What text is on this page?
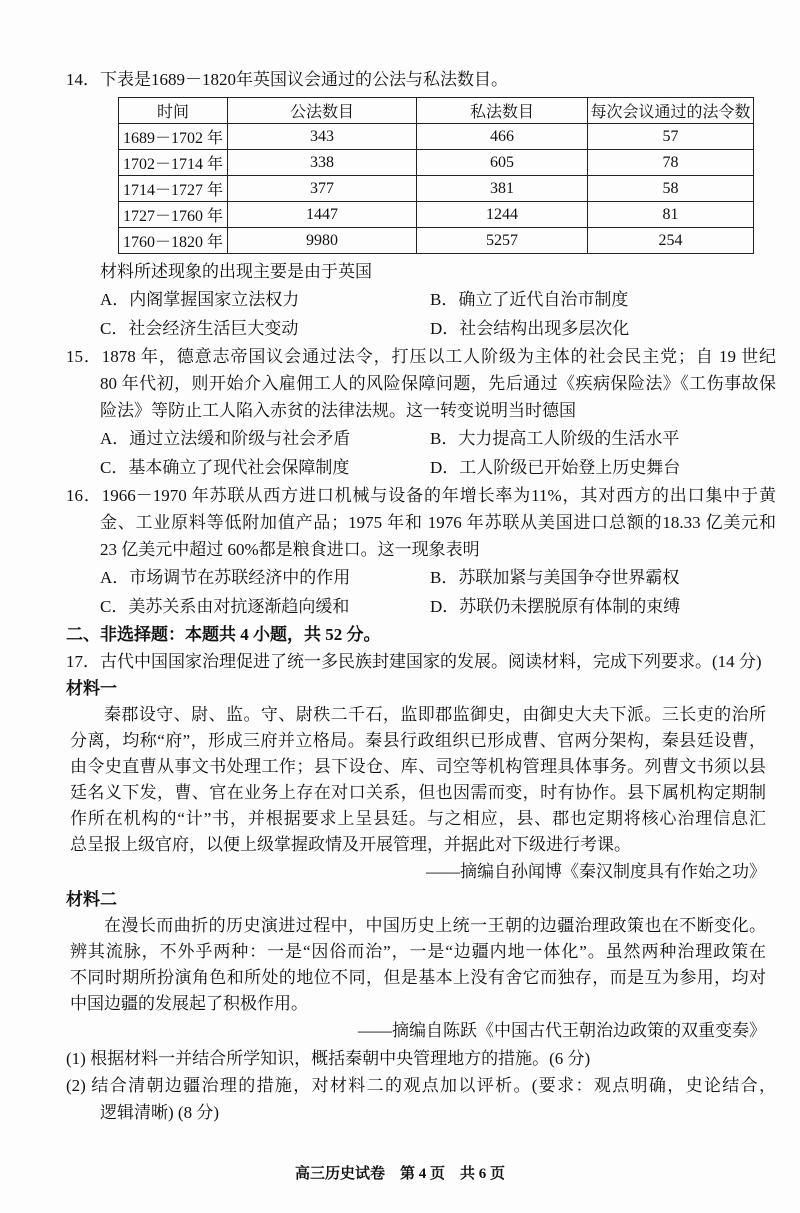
14．下表是1689－1820年英国议会通过的公法与私法数目。
时间	公法数目	私法数目	每次会议通过的法令数
1689－1702 年	343	466	57
1702－1714 年	338	605	78
1714－1727 年	377	381	58
1727－1760 年	1447	1244	81
1760－1820 年	9980	5257	254
材料所述现象的出现主要是由于英国
A．内阁掌握国家立法权力	B．确立了近代自治市制度
C．社会经济生活巨大变动	D．社会结构出现多层次化
15．1878 年，德意志帝国议会通过法令，打压以工人阶级为主体的社会民主党；自 19 世纪
80 年代初，则开始介入雇佣工人的风险保障问题，先后通过《疾病保险法》《工伤事故保
险法》等防止工人陷入赤贫的法律法规。这一转变说明当时德国
A．通过立法缓和阶级与社会矛盾	B．大力提高工人阶级的生活水平
C．基本确立了现代社会保障制度	D．工人阶级已开始登上历史舞台
16．1966－1970 年苏联从西方进口机械与设备的年增长率为11%，其对西方的出口集中于黄
金、工业原料等低附加值产品；1975 年和 1976 年苏联从美国进口总额的18.33 亿美元和
23 亿美元中超过 60%都是粮食进口。这一现象表明
A．市场调节在苏联经济中的作用	B．苏联加紧与美国争夺世界霸权
C．美苏关系由对抗逐渐趋向缓和	D．苏联仍未摆脱原有体制的束缚
二、非选择题：本题共 4 小题，共 52 分。
17．古代中国国家治理促进了统一多民族封建国家的发展。阅读材料，完成下列要求。(14 分)
材料一
秦郡设守、尉、监。守、尉秩二千石，监即郡监御史，由御史大夫下派。三长吏的治所
分离，均称“府”，形成三府并立格局。秦县行政组织已形成曹、官两分架构，秦县廷设曹，
由令史直曹从事文书处理工作；县下设仓、库、司空等机构管理具体事务。列曹文书须以县
廷名义下发，曹、官在业务上存在对口关系，但也因需而变，时有协作。县下属机构定期制
作所在机构的“计”书，并根据要求上呈县廷。与之相应，县、郡也定期将核心治理信息汇
总呈报上级官府，以便上级掌握政情及开展管理，并据此对下级进行考课。
——摘编自孙闻博《秦汉制度具有作始之功》
材料二
在漫长而曲折的历史演进过程中，中国历史上统一王朝的边疆治理政策也在不断变化。
辨其流脉，不外乎两种：一是“因俗而治”，一是“边疆内地一体化”。虽然两种治理政策在
不同时期所扮演角色和所处的地位不同，但是基本上没有舍它而独存，而是互为参用，均对
中国边疆的发展起了积极作用。
——摘编自陈跃《中国古代王朝治边政策的双重变奏》
(1) 根据材料一并结合所学知识，概括秦朝中央管理地方的措施。(6 分)
(2) 结合清朝边疆治理的措施，对材料二的观点加以评析。(要求：观点明确，史论结合，
逻辑清晰) (8 分)
高三历史试卷　第 4 页　共 6 页
